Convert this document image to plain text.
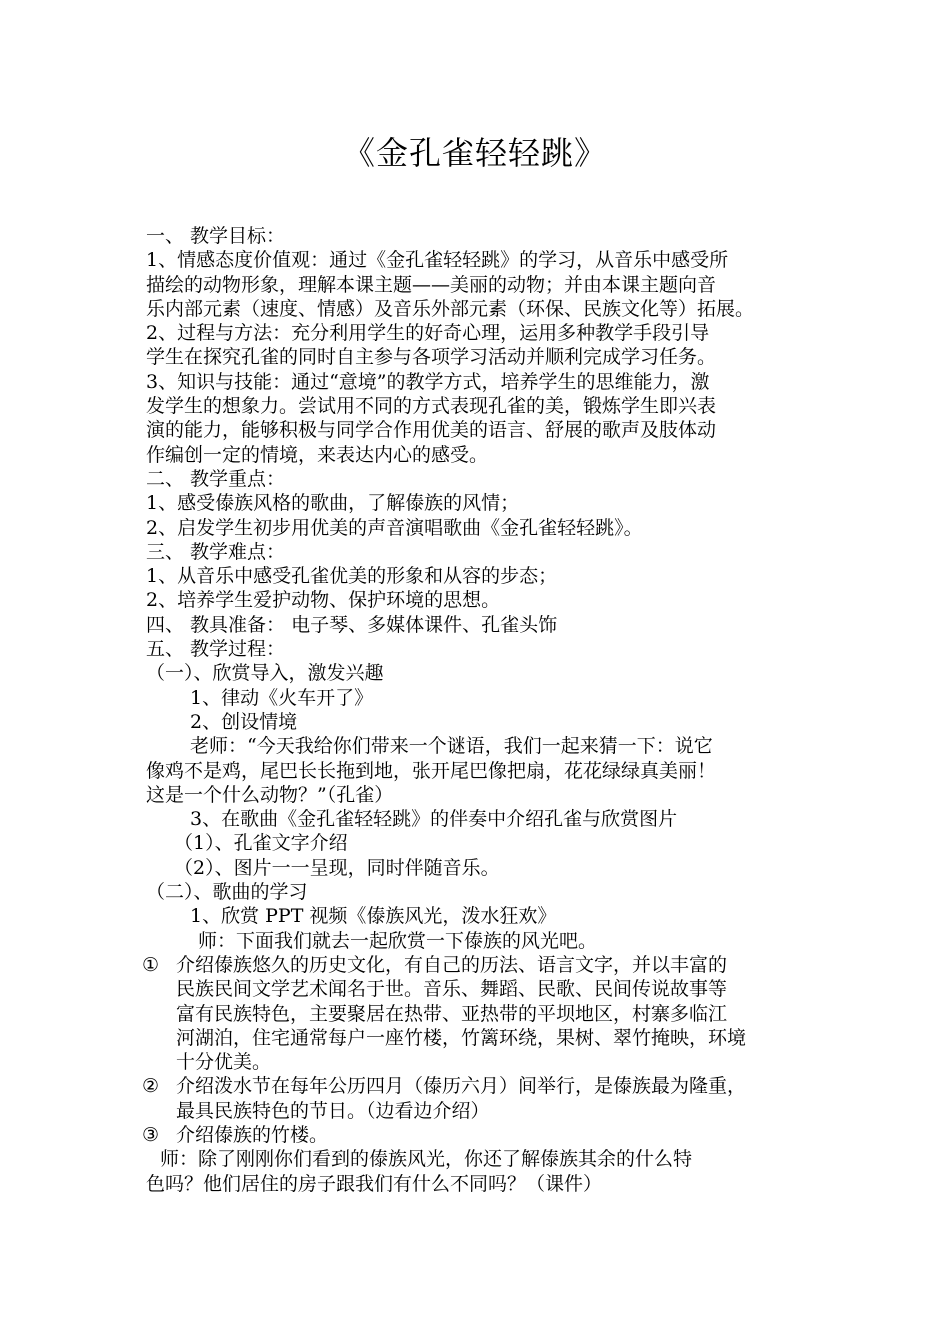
《金孔雀轻轻跳》
一、 教学目标：
1、情感态度价值观：通过《金孔雀轻轻跳》的学习，从音乐中感受所
描绘的动物形象，理解本课主题——美丽的动物；并由本课主题向音
乐内部元素（速度、情感）及音乐外部元素（环保、民族文化等）拓展。
2、过程与方法：充分利用学生的好奇心理，运用多种教学手段引导
学生在探究孔雀的同时自主参与各项学习活动并顺利完成学习任务。
3、知识与技能：通过“意境”的教学方式，培养学生的思维能力，激
发学生的想象力。尝试用不同的方式表现孔雀的美，锻炼学生即兴表
演的能力，能够积极与同学合作用优美的语言、舒展的歌声及肢体动
作编创一定的情境，来表达内心的感受。
二、 教学重点：
1、感受傣族风格的歌曲，了解傣族的风情；
2、启发学生初步用优美的声音演唱歌曲《金孔雀轻轻跳》。
三、 教学难点：
1、从音乐中感受孔雀优美的形象和从容的步态；
2、培养学生爱护动物、保护环境的思想。
四、 教具准备： 电子琴、多媒体课件、孔雀头饰
五、 教学过程：
（一）、欣赏导入，激发兴趣
1、律动《火车开了》
2、创设情境
老师：“今天我给你们带来一个谜语，我们一起来猜一下：说它
像鸡不是鸡，尾巴长长拖到地，张开尾巴像把扇，花花绿绿真美丽！
这是一个什么动物？”（孔雀）
3、在歌曲《金孔雀轻轻跳》的伴奏中介绍孔雀与欣赏图片
（1）、孔雀文字介绍
（2）、图片一一呈现，同时伴随音乐。
（二）、歌曲的学习
1、欣赏 PPT 视频《傣族风光，泼水狂欢》
师：下面我们就去一起欣赏一下傣族的风光吧。
① 介绍傣族悠久的历史文化，有自己的历法、语言文字，并以丰富的
民族民间文学艺术闻名于世。音乐、舞蹈、民歌、民间传说故事等
富有民族特色，主要聚居在热带、亚热带的平坝地区，村寨多临江
河湖泊，住宅通常每户一座竹楼，竹篱环绕，果树、翠竹掩映，环境
十分优美。
② 介绍泼水节在每年公历四月（傣历六月）间举行，是傣族最为隆重，
最具民族特色的节日。（边看边介绍）
③ 介绍傣族的竹楼。
师：除了刚刚你们看到的傣族风光，你还了解傣族其余的什么特
色吗？他们居住的房子跟我们有什么不同吗？（课件）
